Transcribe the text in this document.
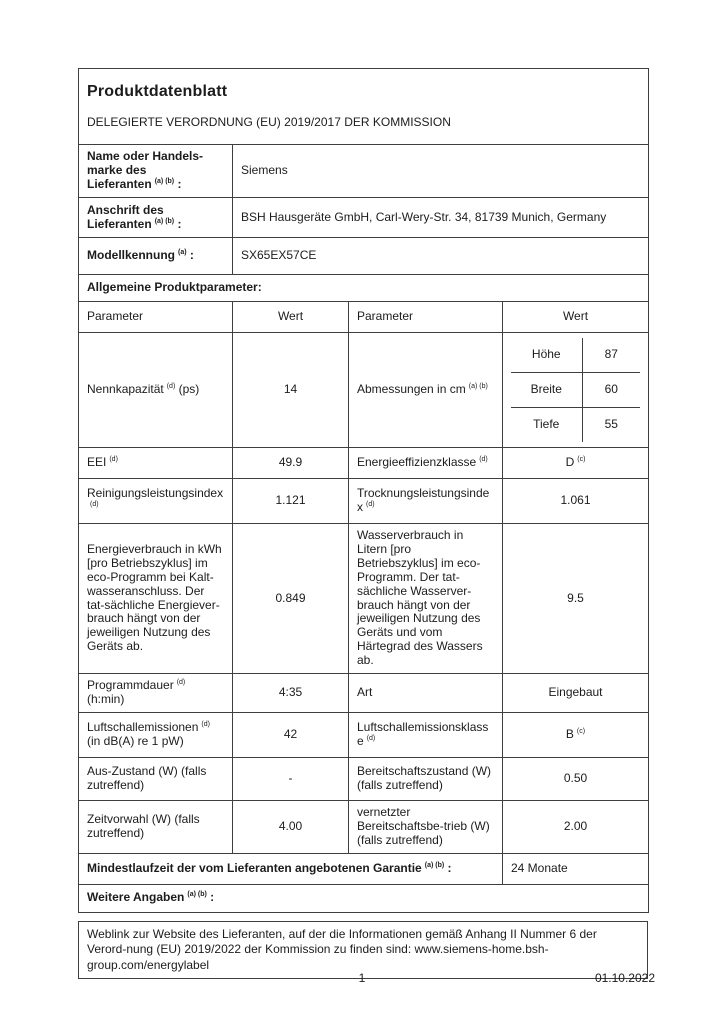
Produktdatenblatt
DELEGIERTE VERORDNUNG (EU) 2019/2017 DER KOMMISSION

Name oder Handels-marke des Lieferanten $^{(a) (b)}$ :	Siemens
Anschrift des Lieferanten $^{(a) (b)}$ :	BSH Hausgeräte GmbH, Carl-Wery-Str. 34, 81739 Munich, Germany
Modellkennung $^{(a)}$ :	SX65EX57CE
Allgemeine Produktparameter:
Parameter	Wert	Parameter	Wert
Nennkapazität $^{(d)}$ (ps)	14	Abmessungen in cm $^{(a) (b)}$	
Höhe	87
Breite	60
Tiefe	55

EEI $^{(d)}$	49.9	Energieeffizienzklasse $^{(d)}$	D $^{(c)}$
Reinigungsleistungsindex$^{(d)}$	1.121	Trocknungsleistungsindex $^{(d)}$	1.061
Energieverbrauch in kWh [pro Betriebszyklus] im eco-Programm bei Kalt-wasseranschluss. Der tat-sächliche Energiever-brauch hängt von der jeweiligen Nutzung des Geräts ab.	0.849	Wasserverbrauch in Litern [pro Betriebszyklus] im eco-Programm. Der tat-sächliche Wasserver-brauch hängt von der jeweiligen Nutzung des Geräts und vom Härtegrad des Wassers ab.	9.5
Programmdauer $^{(d)}$ (h:min)	4:35	Art	Eingebaut
Luftschallemissionen $^{(d)}$ (in dB(A) re 1 pW)	42	Luftschallemissionsklasse $^{(d)}$	B $^{(c)}$
Aus-Zustand (W) (falls zutreffend)	-	Bereitschaftszustand (W) (falls zutreffend)	0.50
Zeitvorwahl (W) (falls zutreffend)	4.00	vernetzter Bereitschaftsbe-trieb (W) (falls zutreffend)	2.00
Mindestlaufzeit der vom Lieferanten angebotenen Garantie $^{(a) (b)}$ :	24 Monate
Weitere Angaben $^{(a) (b)}$ :
Weblink zur Website des Lieferanten, auf der die Informationen gemäß Anhang II Nummer 6 der Verord-nung (EU) 2019/2022 der Kommission zu finden sind: www.siemens-home.bsh-group.com/energylabel
1	01.10.2022
